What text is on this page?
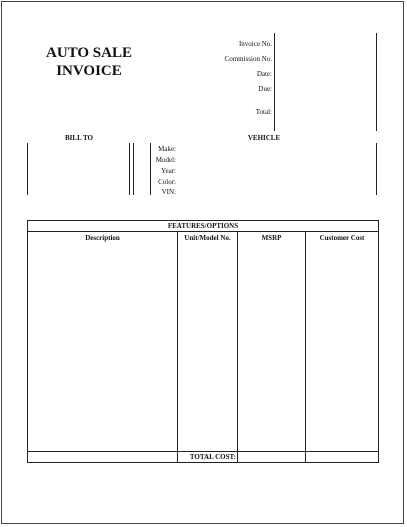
AUTO SALE
INVOICE
Invoice No.
Commission No.
Date:
Due:
Total:
BILL TO	VEHICLE
Make:
Model:
Year:
Color:
VIN:
FEATURES/OPTIONS
Description	Unit/Model No.	MSRP	Customer Cost
TOTAL COST:
